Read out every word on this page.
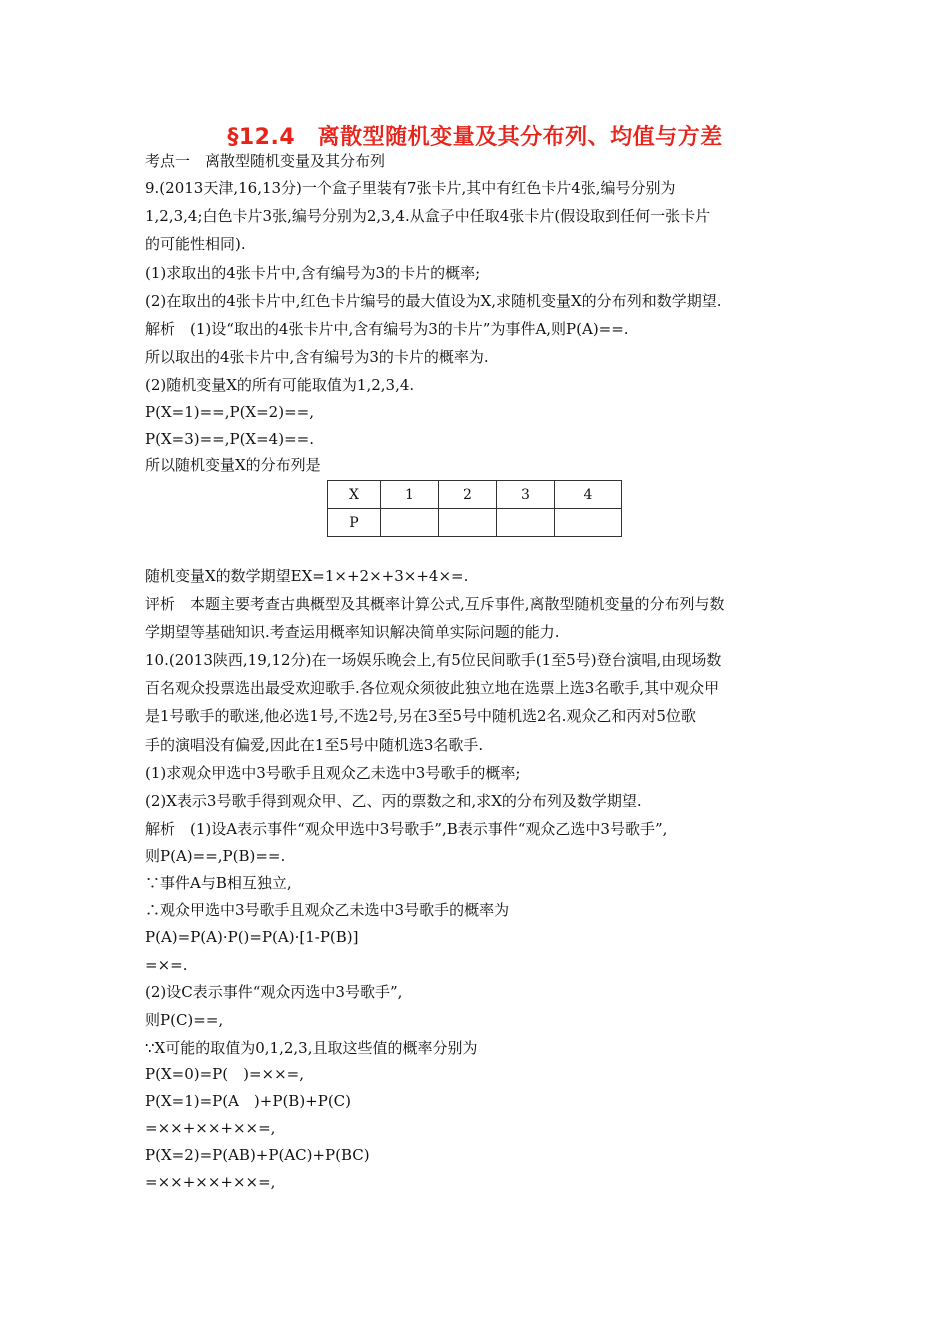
§12.4　离散型随机变量及其分布列、均值与方差
考点一　离散型随机变量及其分布列
9.(2013天津,16,13分)一个盒子里装有7张卡片,其中有红色卡片4张,编号分别为
1,2,3,4;白色卡片3张,编号分别为2,3,4.从盒子中任取4张卡片(假设取到任何一张卡片
的可能性相同).
(1)求取出的4张卡片中,含有编号为3的卡片的概率;
(2)在取出的4张卡片中,红色卡片编号的最大值设为X,求随机变量X的分布列和数学期望.
解析　(1)设“取出的4张卡片中,含有编号为3的卡片”为事件A,则P(A)==.
所以取出的4张卡片中,含有编号为3的卡片的概率为.
(2)随机变量X的所有可能取值为1,2,3,4.
P(X=1)==,P(X=2)==,
P(X=3)==,P(X=4)==.
所以随机变量X的分布列是
X	1	2	3	4
P				
随机变量X的数学期望EX=1×+2×+3×+4×=.
评析　本题主要考查古典概型及其概率计算公式,互斥事件,离散型随机变量的分布列与数
学期望等基础知识.考查运用概率知识解决简单实际问题的能力.
10.(2013陕西,19,12分)在一场娱乐晚会上,有5位民间歌手(1至5号)登台演唱,由现场数
百名观众投票选出最受欢迎歌手.各位观众须彼此独立地在选票上选3名歌手,其中观众甲
是1号歌手的歌迷,他必选1号,不选2号,另在3至5号中随机选2名.观众乙和丙对5位歌
手的演唱没有偏爱,因此在1至5号中随机选3名歌手.
(1)求观众甲选中3号歌手且观众乙未选中3号歌手的概率;
(2)X表示3号歌手得到观众甲、乙、丙的票数之和,求X的分布列及数学期望.
解析　(1)设A表示事件“观众甲选中3号歌手”,B表示事件“观众乙选中3号歌手”,
则P(A)==,P(B)==.
∵事件A与B相互独立,
∴观众甲选中3号歌手且观众乙未选中3号歌手的概率为
P(A)=P(A)·P()=P(A)·[1-P(B)]
=×=.
(2)设C表示事件“观众丙选中3号歌手”,
则P(C)==,
∵X可能的取值为0,1,2,3,且取这些值的概率分别为
P(X=0)=P(　)=××=,
P(X=1)=P(A　)+P(B)+P(C)
=××+××+××=,
P(X=2)=P(AB)+P(AC)+P(BC)
=××+××+××=,
